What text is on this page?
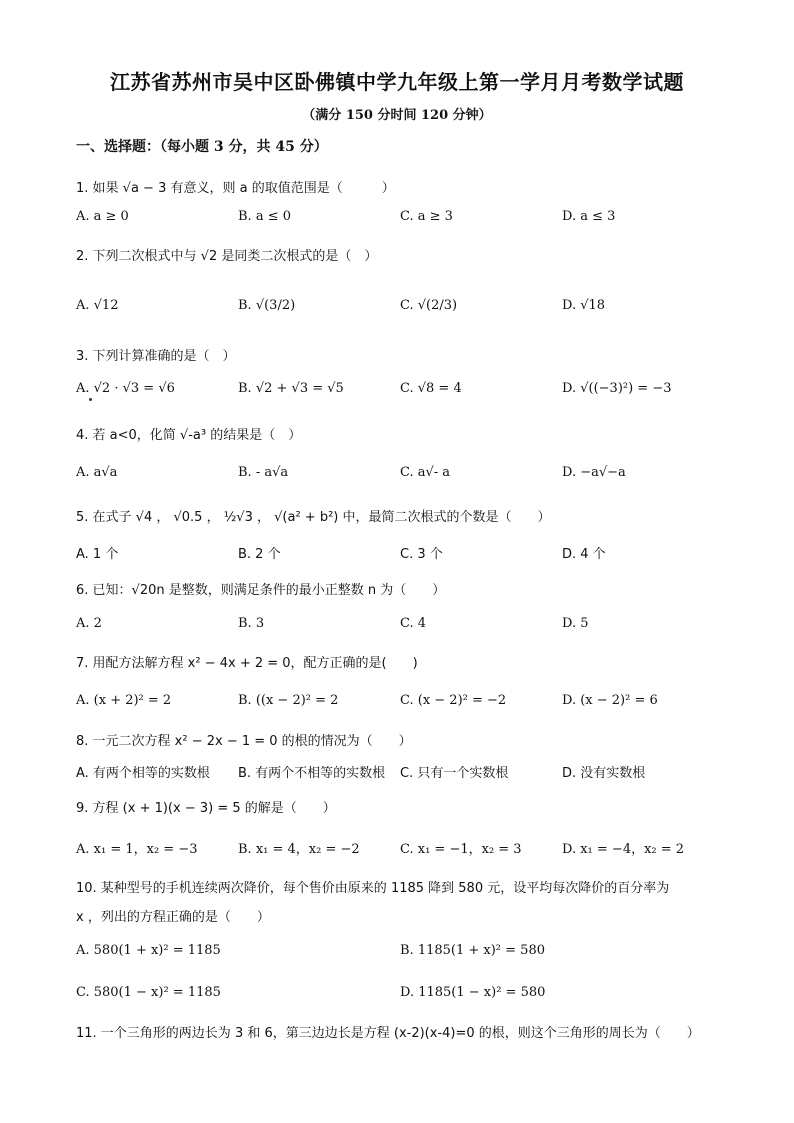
江苏省苏州市吴中区卧佛镇中学九年级上第一学月月考数学试题
（满分 150 分时间 120 分钟）
一、选择题：（每小题 3 分，共 45 分）
1. 如果 √a − 3 有意义，则 a 的取值范围是（　　　）
A. a ≥ 0	B. a ≤ 0	C. a ≥ 3	D. a ≤ 3
2. 下列二次根式中与 √2 是同类二次根式的是（　）
A. √12	B. √(3/2)	C. √(2/3)	D. √18
3. 下列计算准确的是（　）
A. √2 · √3 = √6	B. √2 + √3 = √5	C. √8 = 4	D. √((−3)²) = −3
4. 若 a<0，化简 √-a³ 的结果是（　）
A. a√a	B. - a√a	C. a√- a	D. −a√−a
5. 在式子 √4 ， √0.5 ， ½√3 ， √(a² + b²) 中，最简二次根式的个数是（　　）
A. 1 个	B. 2 个	C. 3 个	D. 4 个
6. 已知：√20n 是整数，则满足条件的最小正整数 n 为（　　）
A. 2	B. 3	C. 4	D. 5
7. 用配方法解方程 x² − 4x + 2 = 0，配方正确的是(　　)
A. (x + 2)² = 2	B. ((x − 2)² = 2	C. (x − 2)² = −2	D. (x − 2)² = 6
8. 一元二次方程 x² − 2x − 1 = 0 的根的情况为（　　）
A. 有两个相等的实数根 B. 有两个不相等的实数根 C. 只有一个实数根	D. 没有实数根
9. 方程 (x + 1)(x − 3) = 5 的解是（　　）
A. x₁ = 1，x₂ = −3	B. x₁ = 4，x₂ = −2	C. x₁ = −1，x₂ = 3	D. x₁ = −4，x₂ = 2
10. 某种型号的手机连续两次降价，每个售价由原来的 1185 降到 580 元，设平均每次降价的百分率为
x ，列出的方程正确的是（　　）
A. 580(1 + x)² = 1185	B. 1185(1 + x)² = 580
C. 580(1 − x)² = 1185	D. 1185(1 − x)² = 580
11. 一个三角形的两边长为 3 和 6，第三边边长是方程 (x-2)(x-4)=0 的根，则这个三角形的周长为（　　）
